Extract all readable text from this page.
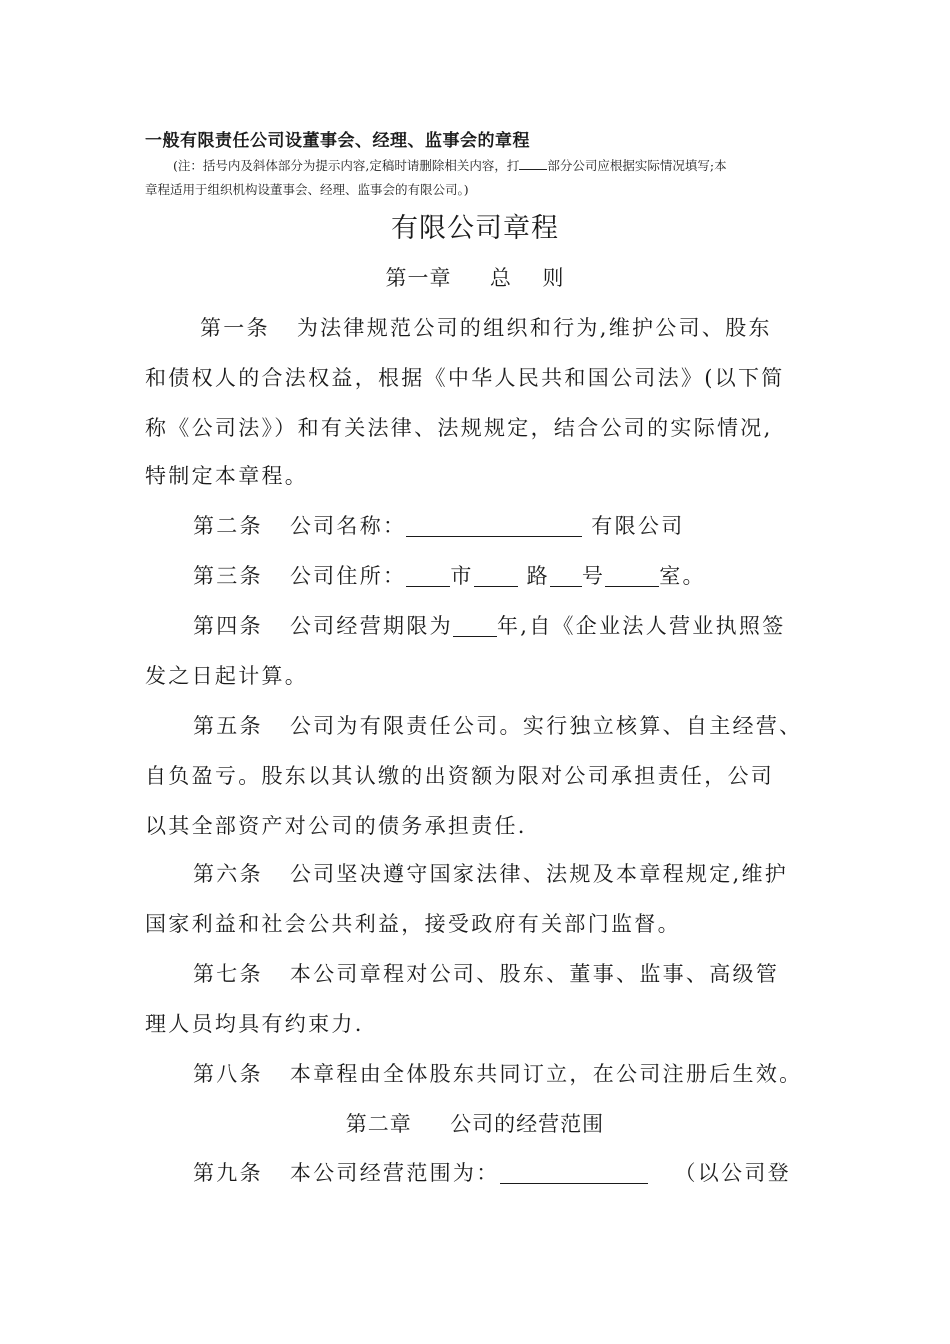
一般有限责任公司设董事会、经理、监事会的章程
(注：括号内及斜体部分为提示内容,定稿时请删除相关内容，打 部分公司应根据实际情况填写;本
章程适用于组织机构设董事会、经理、监事会的有限公司。)
有限公司章程
第一章     总    则
第一条   为法律规范公司的组织和行为,维护公司、股东
和债权人的合法权益，根据《中华人民共和国公司法》(以下简
称《公司法》）和有关法律、法规规定，结合公司的实际情况,
特制定本章程。
第二条   公司名称：	有限公司
第三条   公司住所： 市 路 号	室。
第四条   公司经营期限为 年,自《企业法人营业执照签
发之日起计算。
第五条   公司为有限责任公司。实行独立核算、自主经营、
自负盈亏。股东以其认缴的出资额为限对公司承担责任，公司
以其全部资产对公司的债务承担责任.
第六条   公司坚决遵守国家法律、法规及本章程规定,维护
国家利益和社会公共利益，接受政府有关部门监督。
第七条   本公司章程对公司、股东、董事、监事、高级管
理人员均具有约束力.
第八条   本章程由全体股东共同订立，在公司注册后生效。
第二章     公司的经营范围
第九条   本公司经营范围为：	（以公司登
